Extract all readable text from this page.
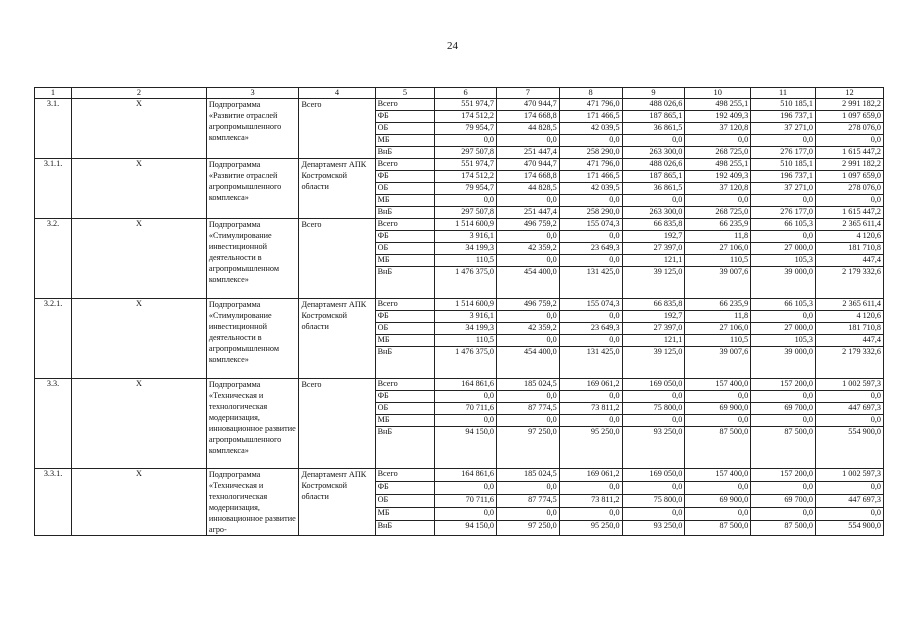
24
1	2	3	4	5	6	7	8	9	10	11	12
3.1.	X	Подпрограмма «Развитие отраслей агропромышленного комплекса»	Всего	Всего	551 974,7	470 944,7	471 796,0	488 026,6	498 255,1	510 185,1	2 991 182,2
				ФБ	174 512,2	174 668,8	171 466,5	187 865,1	192 409,3	196 737,1	1 097 659,0
				ОБ	79 954,7	44 828,5	42 039,5	36 861,5	37 120,8	37 271,0	278 076,0
				МБ	0,0	0,0	0,0	0,0	0,0	0,0	0,0
				ВнБ	297 507,8	251 447,4	258 290,0	263 300,0	268 725,0	276 177,0	1 615 447,2
3.1.1.	X	Подпрограмма «Развитие отраслей агропромышленного комплекса»	Департамент АПК Костромской области	Всего	551 974,7	470 944,7	471 796,0	488 026,6	498 255,1	510 185,1	2 991 182,2
				ФБ	174 512,2	174 668,8	171 466,5	187 865,1	192 409,3	196 737,1	1 097 659,0
				ОБ	79 954,7	44 828,5	42 039,5	36 861,5	37 120,8	37 271,0	278 076,0
				МБ	0,0	0,0	0,0	0,0	0,0	0,0	0,0
				ВнБ	297 507,8	251 447,4	258 290,0	263 300,0	268 725,0	276 177,0	1 615 447,2
3.2.	X	Подпрограмма «Стимулирование инвестиционной деятельности в агропромышленном комплексе»	Всего	Всего	1 514 600,9	496 759,2	155 074,3	66 835,8	66 235,9	66 105,3	2 365 611,4
				ФБ	3 916,1	0,0	0,0	192,7	11,8	0,0	4 120,6
				ОБ	34 199,3	42 359,2	23 649,3	27 397,0	27 106,0	27 000,0	181 710,8
				МБ	110,5	0,0	0,0	121,1	110,5	105,3	447,4
				ВнБ	1 476 375,0	454 400,0	131 425,0	39 125,0	39 007,6	39 000,0	2 179 332,6
3.2.1.	X	Подпрограмма «Стимулирование инвестиционной деятельности в агропромышленном комплексе»	Департамент АПК Костромской области	Всего	1 514 600,9	496 759,2	155 074,3	66 835,8	66 235,9	66 105,3	2 365 611,4
				ФБ	3 916,1	0,0	0,0	192,7	11,8	0,0	4 120,6
				ОБ	34 199,3	42 359,2	23 649,3	27 397,0	27 106,0	27 000,0	181 710,8
				МБ	110,5	0,0	0,0	121,1	110,5	105,3	447,4
				ВнБ	1 476 375,0	454 400,0	131 425,0	39 125,0	39 007,6	39 000,0	2 179 332,6
3.3.	X	Подпрограмма «Техническая и технологическая модернизация, инновационное развитие агропромышленного комплекса»	Всего	Всего	164 861,6	185 024,5	169 061,2	169 050,0	157 400,0	157 200,0	1 002 597,3
				ФБ	0,0	0,0	0,0	0,0	0,0	0,0	0,0
				ОБ	70 711,6	87 774,5	73 811,2	75 800,0	69 900,0	69 700,0	447 697,3
				МБ	0,0	0,0	0,0	0,0	0,0	0,0	0,0
				ВнБ	94 150,0	97 250,0	95 250,0	93 250,0	87 500,0	87 500,0	554 900,0
3.3.1.	X	Подпрограмма «Техническая и технологическая модернизация, инновационное развитие агро-	Департамент АПК Костромской области	Всего	164 861,6	185 024,5	169 061,2	169 050,0	157 400,0	157 200,0	1 002 597,3
				ФБ	0,0	0,0	0,0	0,0	0,0	0,0	0,0
				ОБ	70 711,6	87 774,5	73 811,2	75 800,0	69 900,0	69 700,0	447 697,3
				МБ	0,0	0,0	0,0	0,0	0,0	0,0	0,0
				ВнБ	94 150,0	97 250,0	95 250,0	93 250,0	87 500,0	87 500,0	554 900,0
